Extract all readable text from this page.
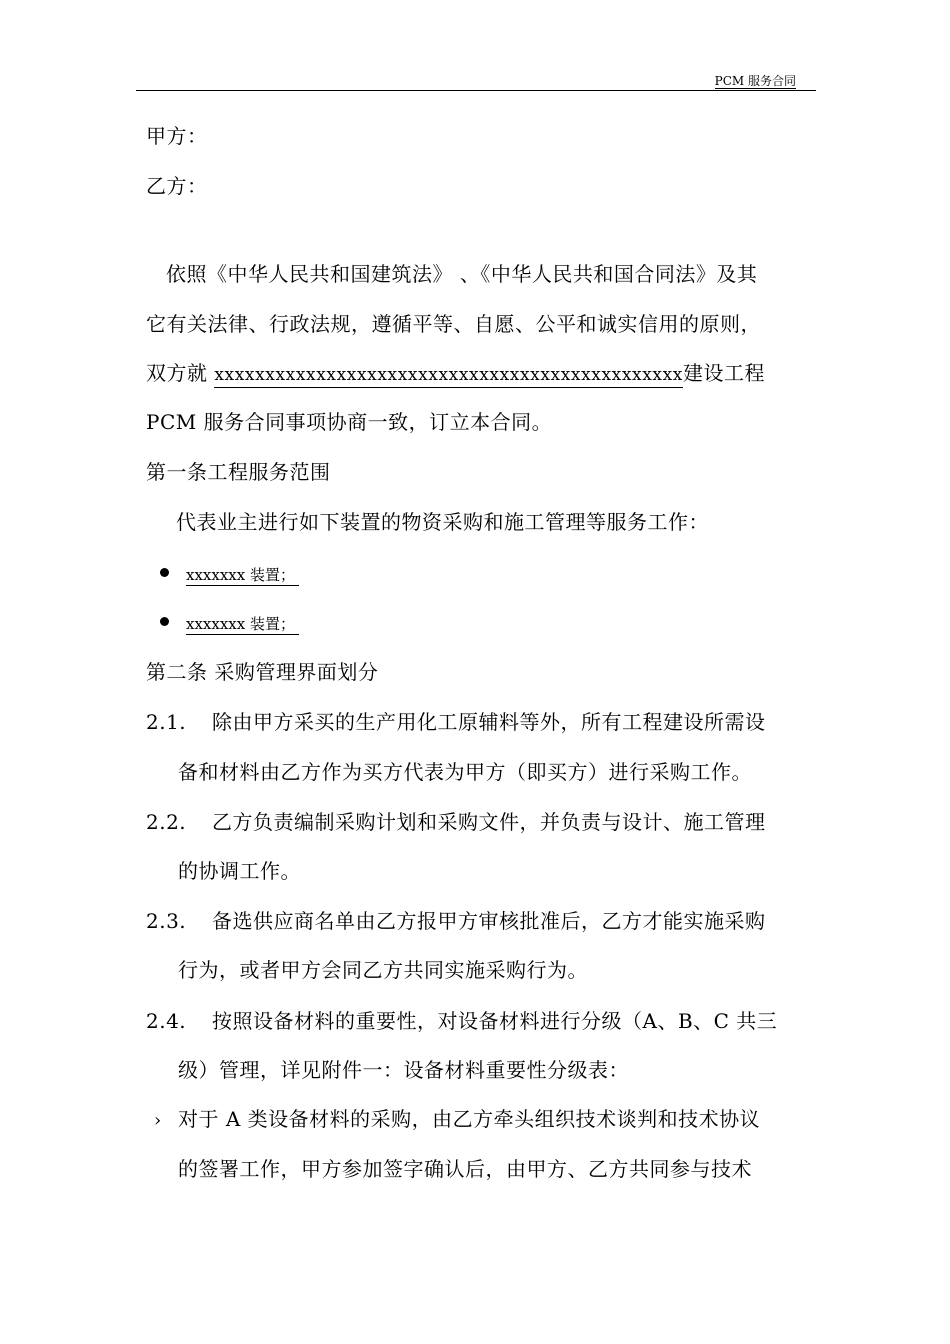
PCM 服务合同
甲方：
乙方：
依照《中华人民共和国建筑法》 、《中华人民共和国合同法》及其
它有关法律、行政法规，遵循平等、自愿、公平和诚实信用的原则，
双方就 xxxxxxxxxxxxxxxxxxxxxxxxxxxxxxxxxxxxxxxxxxxxxx建设工程
PCM 服务合同事项协商一致，订立本合同。
第一条工程服务范围
代表业主进行如下装置的物资采购和施工管理等服务工作：
xxxxxxx 装置；
xxxxxxx 装置；
第二条 采购管理界面划分
2.1. 除由甲方采买的生产用化工原辅料等外，所有工程建设所需设
备和材料由乙方作为买方代表为甲方（即买方）进行采购工作。
2.2. 乙方负责编制采购计划和采购文件，并负责与设计、施工管理
的协调工作。
2.3. 备选供应商名单由乙方报甲方审核批准后，乙方才能实施采购
行为，或者甲方会同乙方共同实施采购行为。
2.4. 按照设备材料的重要性，对设备材料进行分级（A、B、C 共三
级）管理，详见附件一：设备材料重要性分级表：
› 对于 A 类设备材料的采购，由乙方牵头组织技术谈判和技术协议
的签署工作，甲方参加签字确认后，由甲方、乙方共同参与技术
